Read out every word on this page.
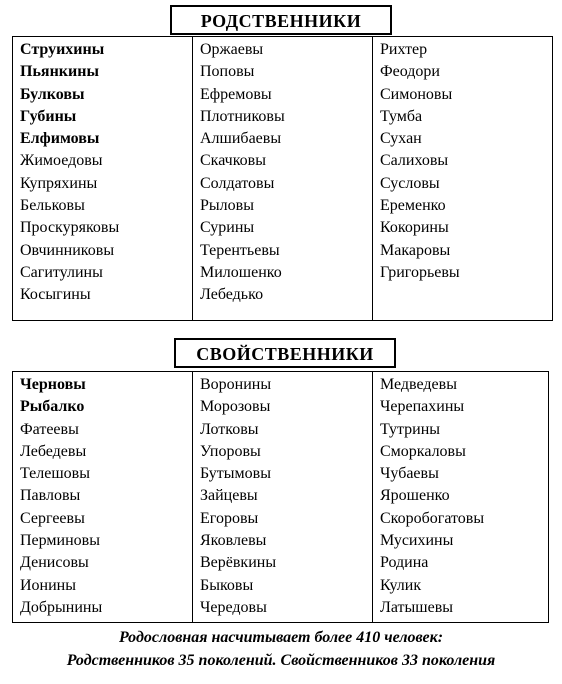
РОДСТВЕННИКИ
Струихины
Пьянкины
Булковы
Губины
Елфимовы
Жимоедовы
Купряхины
Бельковы
Проскуряковы
Овчинниковы
Сагитулины
Косыгины
Оржаевы
Поповы
Ефремовы
Плотниковы
Алшибаевы
Скачковы
Солдатовы
Рыловы
Сурины
Терентьевы
Милошенко
Лебедько
Рихтер
Феодори
Симоновы
Тумба
Сухан
Салиховы
Сусловы
Еременко
Кокорины
Макаровы
Григорьевы
СВОЙСТВЕННИКИ
Черновы
Рыбалко
Фатеевы
Лебедевы
Телешовы
Павловы
Сергеевы
Перминовы
Денисовы
Ионины
Добрынины
Воронины
Морозовы
Лотковы
Упоровы
Бутымовы
Зайцевы
Егоровы
Яковлевы
Верёвкины
Быковы
Чередовы
Медведевы
Черепахины
Тутрины
Сморкаловы
Чубаевы
Ярошенко
Скоробогатовы
Мусихины
Родина
Кулик
Латышевы
Родословная насчитывает более 410 человек:
Родственников 35 поколений. Свойственников 33 поколения
